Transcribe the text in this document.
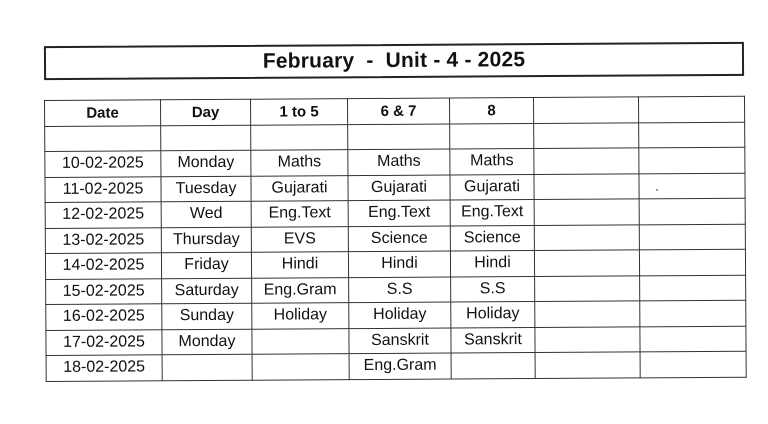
February  -  Unit - 4 - 2025
Date	Day	1 to 5	6 & 7	8		

10-02-2025	Monday	Maths	Maths	Maths		
11-02-2025	Tuesday	Gujarati	Gujarati	Gujarati		
12-02-2025	Wed	Eng.Text	Eng.Text	Eng.Text		
13-02-2025	Thursday	EVS	Science	Science		
14-02-2025	Friday	Hindi	Hindi	Hindi		
15-02-2025	Saturday	Eng.Gram	S.S	S.S		
16-02-2025	Sunday	Holiday	Holiday	Holiday		
17-02-2025	Monday		Sanskrit	Sanskrit		
18-02-2025			Eng.Gram			
